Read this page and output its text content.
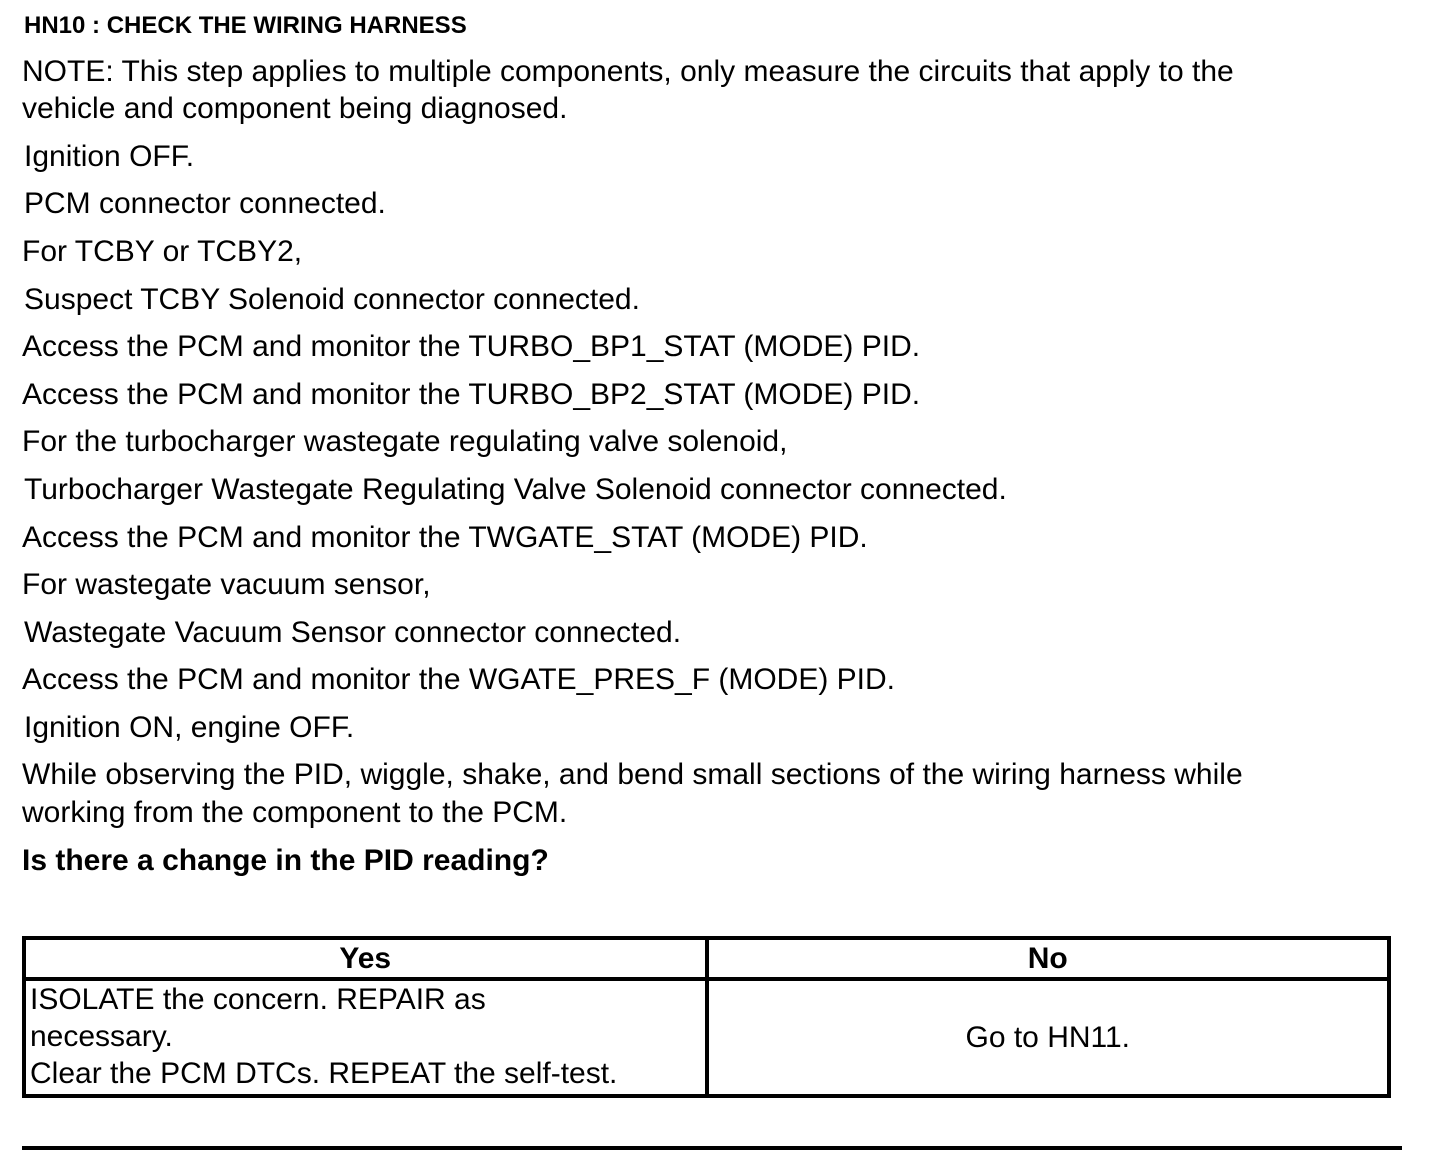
HN10 : CHECK THE WIRING HARNESS
NOTE: This step applies to multiple components, only measure the circuits that apply to the
vehicle and component being diagnosed.
Ignition OFF.
PCM connector connected.
For TCBY or TCBY2,
Suspect TCBY Solenoid connector connected.
Access the PCM and monitor the TURBO_BP1_STAT (MODE) PID.
Access the PCM and monitor the TURBO_BP2_STAT (MODE) PID.
For the turbocharger wastegate regulating valve solenoid,
Turbocharger Wastegate Regulating Valve Solenoid connector connected.
Access the PCM and monitor the TWGATE_STAT (MODE) PID.
For wastegate vacuum sensor,
Wastegate Vacuum Sensor connector connected.
Access the PCM and monitor the WGATE_PRES_F (MODE) PID.
Ignition ON, engine OFF.
While observing the PID, wiggle, shake, and bend small sections of the wiring harness while
working from the component to the PCM.
Is there a change in the PID reading?
Yes	No

ISOLATE the concern. REPAIR as
necessary.
Clear the PCM DTCs. REPEAT the self-test.	Go to HN11.
